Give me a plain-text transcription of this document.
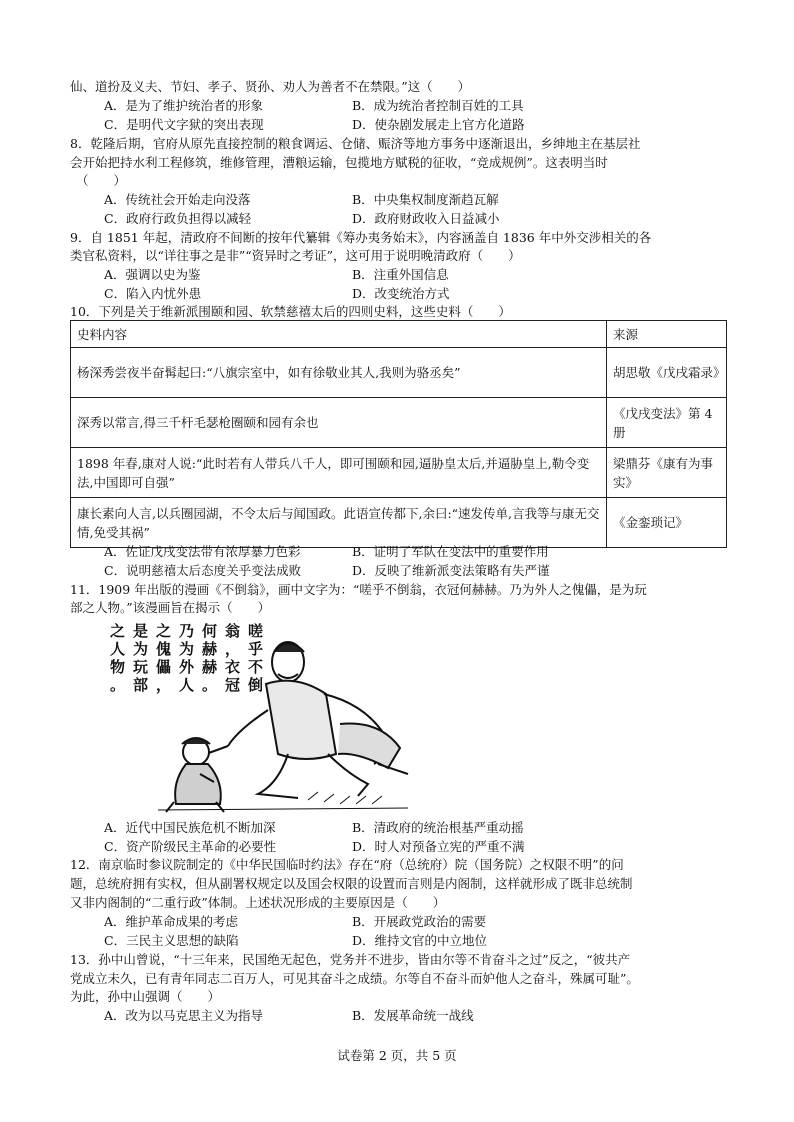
仙、道扮及义夫、节妇、孝子、贤孙、劝人为善者不在禁限。”这（　　）
A．是为了维护统治者的形象	B．成为统治者控制百姓的工具
C．是明代文字狱的突出表现	D．使杂剧发展走上官方化道路
8．乾隆后期，官府从原先直接控制的粮食调运、仓储、赈济等地方事务中逐渐退出，乡绅地主在基层社
会开始把持水利工程修筑，维修管理，漕粮运输，包揽地方赋税的征收，“竞成规例”。这表明当时
（　　）
A．传统社会开始走向没落	B．中央集权制度渐趋瓦解
C．政府行政负担得以减轻	D．政府财政收入日益减小
9．自 1851 年起，清政府不间断的按年代纂辑《筹办夷务始末》，内容涵盖自 1836 年中外交涉相关的各
类官私资料，以“详往事之是非”“资异时之考证”，这可用于说明晚清政府（　　）
A．强调以史为鉴	B．注重外国信息
C．陷入内忧外患	D．改变统治方式
10．下列是关于维新派围颐和园、软禁慈禧太后的四则史料，这些史料（　　）
史料内容	来源
杨深秀尝夜半奋髯起曰:“八旗宗室中，如有徐敬业其人,我则为骆丞矣”	胡思敬《戊戌霜录》
深秀以常言,得三千杆毛瑟枪圈颐和园有余也	《戊戌变法》第 4 册
1898 年春,康对人说:“此时若有人带兵八千人，即可围颐和园,逼胁皇太后,并逼胁皇上,勒令变法,中国即可自强”	梁鼎芬《康有为事实》
康长素向人言,以兵圈园湖，不令太后与闻国政。此语宣传都下,余曰:“速发传单,言我等与康无交情,免受其祸”	《金銮琐记》
A．佐证戊戌变法带有浓厚暴力色彩	B．证明了军队在变法中的重要作用
C．说明慈禧太后态度关乎变法成败	D．反映了维新派变法策略有失严谨
11．1909 年出版的漫画《不倒翁》，画中文字为：“嗟乎不倒翁，衣冠何赫赫。乃为外人之傀儡，是为玩
部之人物。”该漫画旨在揭示（　　）
嗟乎不倒
翁，衣冠
何赫赫。
乃为外人
之傀儡，
是为玩部
之人物。
A．近代中国民族危机不断加深	B．清政府的统治根基严重动摇
C．资产阶级民主革命的必要性	D．时人对预备立宪的严重不满
12．南京临时参议院制定的《中华民国临时约法》存在“府（总统府）院（国务院）之权限不明”的问
题，总统府拥有实权，但从副署权规定以及国会权限的设置而言则是内阁制，这样就形成了既非总统制
又非内阁制的“二重行政”体制。上述状况形成的主要原因是（　　）
A．维护革命成果的考虑	B．开展政党政治的需要
C．三民主义思想的缺陷	D．维持文官的中立地位
13．孙中山曾说，“十三年来，民国绝无起色，党务并不进步，皆由尔等不肯奋斗之过”反之，“彼共产
党成立未久，已有青年同志二百万人，可见其奋斗之成绩。尔等自不奋斗而妒他人之奋斗，殊属可耻”。
为此，孙中山强调（　　）
A．改为以马克思主义为指导	B．发展革命统一战线
试卷第 2 页，共 5 页
